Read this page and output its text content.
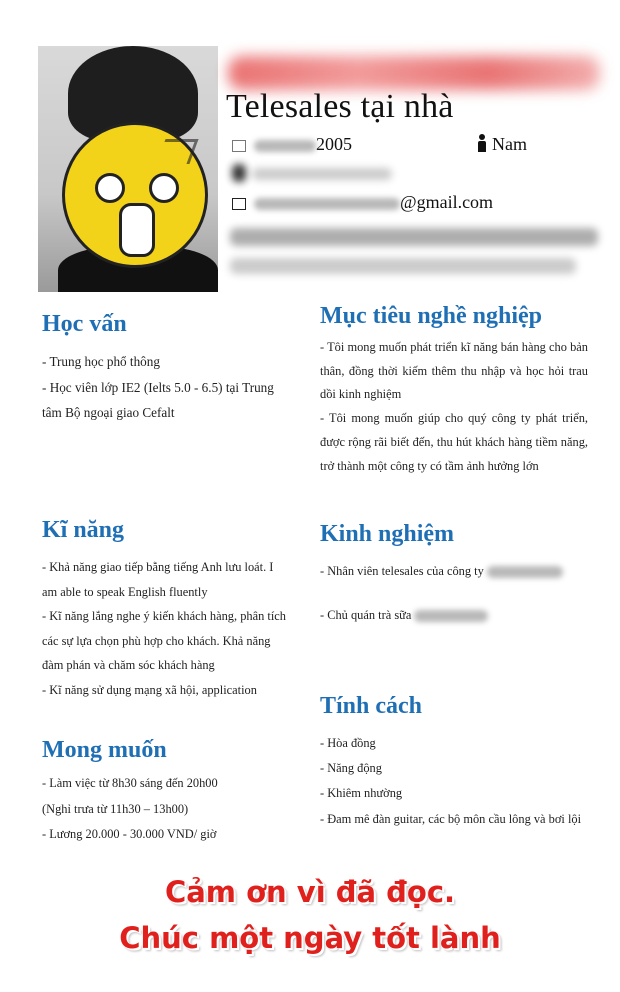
Telesales tại nhà
2005	Nam
@gmail.com
Học vấn

- Trung học phổ thông

- Học viên lớp IE2 (Ielts 5.0 - 6.5) tại Trung tâm Bộ ngoại giao Cefalt

Mục tiêu nghề nghiệp

- Tôi mong muốn phát triển kĩ năng bán hàng cho bản thân, đồng thời kiếm thêm thu nhập và học hỏi trau dồi kinh nghiệm

- Tôi mong muốn giúp cho quý công ty phát triển, được rộng rãi biết đến, thu hút khách hàng tiềm năng, trở thành một công ty có tầm ảnh hưởng lớn

Kĩ năng

- Khả năng giao tiếp bằng tiếng Anh lưu loát. I am able to speak English fluently

- Kĩ năng lắng nghe ý kiến khách hàng, phân tích các sự lựa chọn phù hợp cho khách. Khả năng đàm phán và chăm sóc khách hàng

- Kĩ năng sử dụng mạng xã hội, application

Kinh nghiệm

- Nhân viên telesales của công ty

- Chủ quán trà sữa

Mong muốn

- Làm việc từ 8h30 sáng đến 20h00

(Nghỉ trưa từ 11h30 – 13h00)

- Lương 20.000 - 30.000 VND/ giờ

Tính cách

- Hòa đồng

- Năng động

- Khiêm nhường

- Đam mê đàn guitar, các bộ môn cầu lông và bơi lội

Cảm ơn vì đã đọc.
Chúc một ngày tốt lành
